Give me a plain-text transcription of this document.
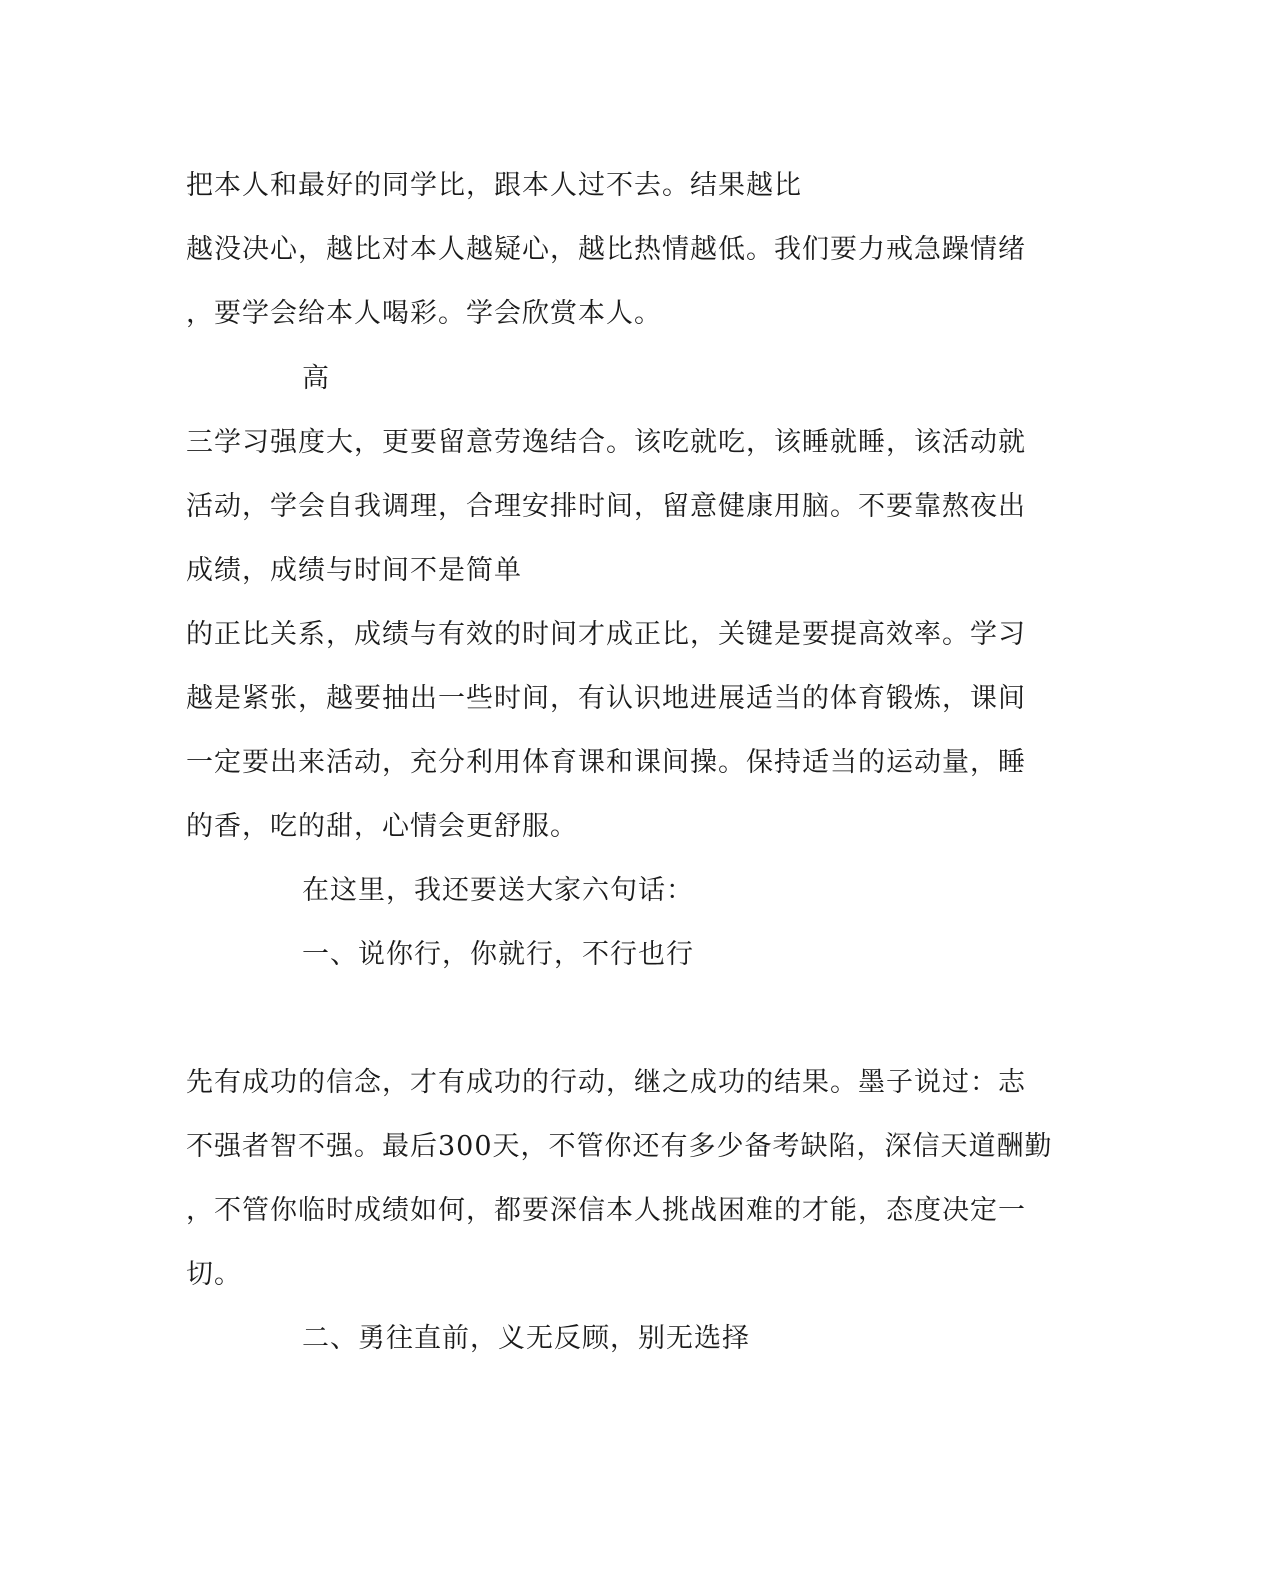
把本人和最好的同学比，跟本人过不去。结果越比
越没决心，越比对本人越疑心，越比热情越低。我们要力戒急躁情绪
，要学会给本人喝彩。学会欣赏本人。
高
三学习强度大，更要留意劳逸结合。该吃就吃，该睡就睡，该活动就
活动，学会自我调理，合理安排时间，留意健康用脑。不要靠熬夜出
成绩，成绩与时间不是简单
的正比关系，成绩与有效的时间才成正比，关键是要提高效率。学习
越是紧张，越要抽出一些时间，有认识地进展适当的体育锻炼，课间
一定要出来活动，充分利用体育课和课间操。保持适当的运动量，睡
的香，吃的甜，心情会更舒服。
在这里，我还要送大家六句话：
一、说你行，你就行，不行也行
先有成功的信念，才有成功的行动，继之成功的结果。墨子说过：志
不强者智不强。最后300天，不管你还有多少备考缺陷，深信天道酬勤
，不管你临时成绩如何，都要深信本人挑战困难的才能，态度决定一
切。
二、勇往直前，义无反顾，别无选择
